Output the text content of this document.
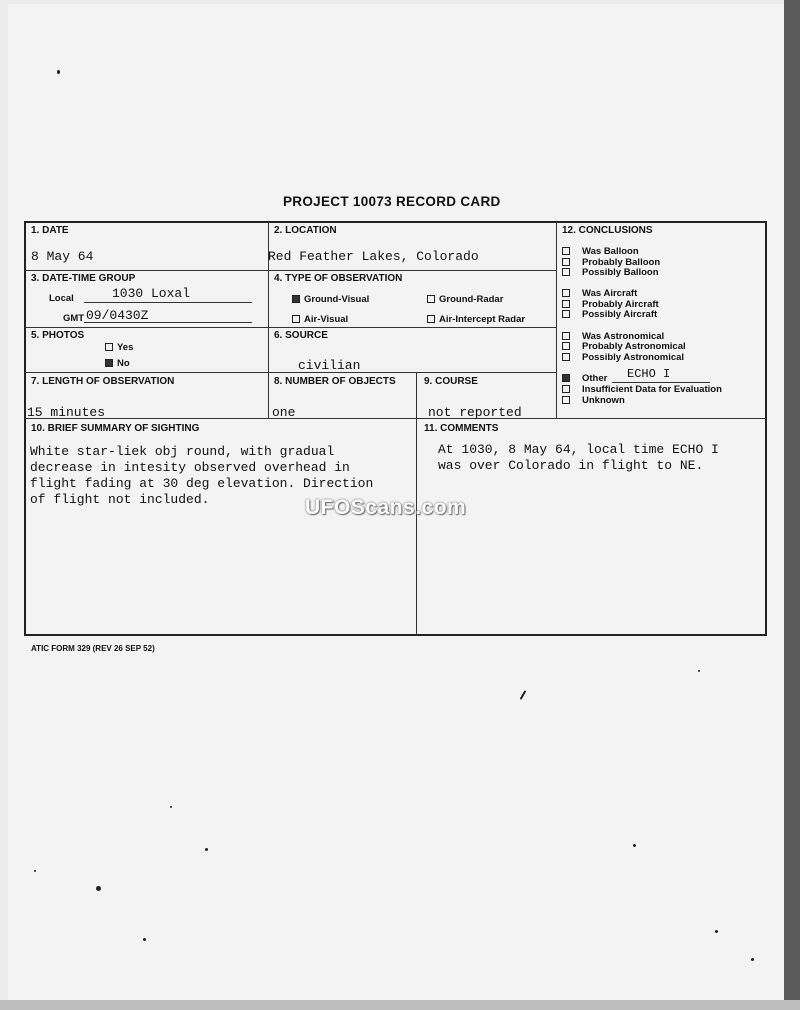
PROJECT 10073 RECORD CARD
1. DATE
8 May 64
2. LOCATION
Red Feather Lakes, Colorado
3. DATE-TIME GROUP
Local	1030 Loxal
GMT 09/0430Z
4. TYPE OF OBSERVATION
Ground-Visual	Ground-Radar
Air-Visual	Air-Intercept Radar
5. PHOTOS
Yes
No
6. SOURCE
civilian
7. LENGTH OF OBSERVATION
15 minutes
8. NUMBER OF OBJECTS
one
9. COURSE
not reported
10. BRIEF SUMMARY OF SIGHTING
White star-liek obj round, with gradual
decrease in intesity observed overhead in
flight fading at 30 deg elevation. Direction
of flight not included.
11. COMMENTS
At 1030, 8 May 64, local time ECHO I
was over Colorado in flight to NE.
12. CONCLUSIONS
Was Balloon
Probably Balloon
Possibly Balloon
Was Aircraft
Probably Aircraft
Possibly Aircraft
Was Astronomical
Probably Astronomical
Possibly Astronomical
Other ECHO I
Insufficient Data for Evaluation
Unknown
ATIC FORM 329 (REV 26 SEP 52)
UFOScans.com
